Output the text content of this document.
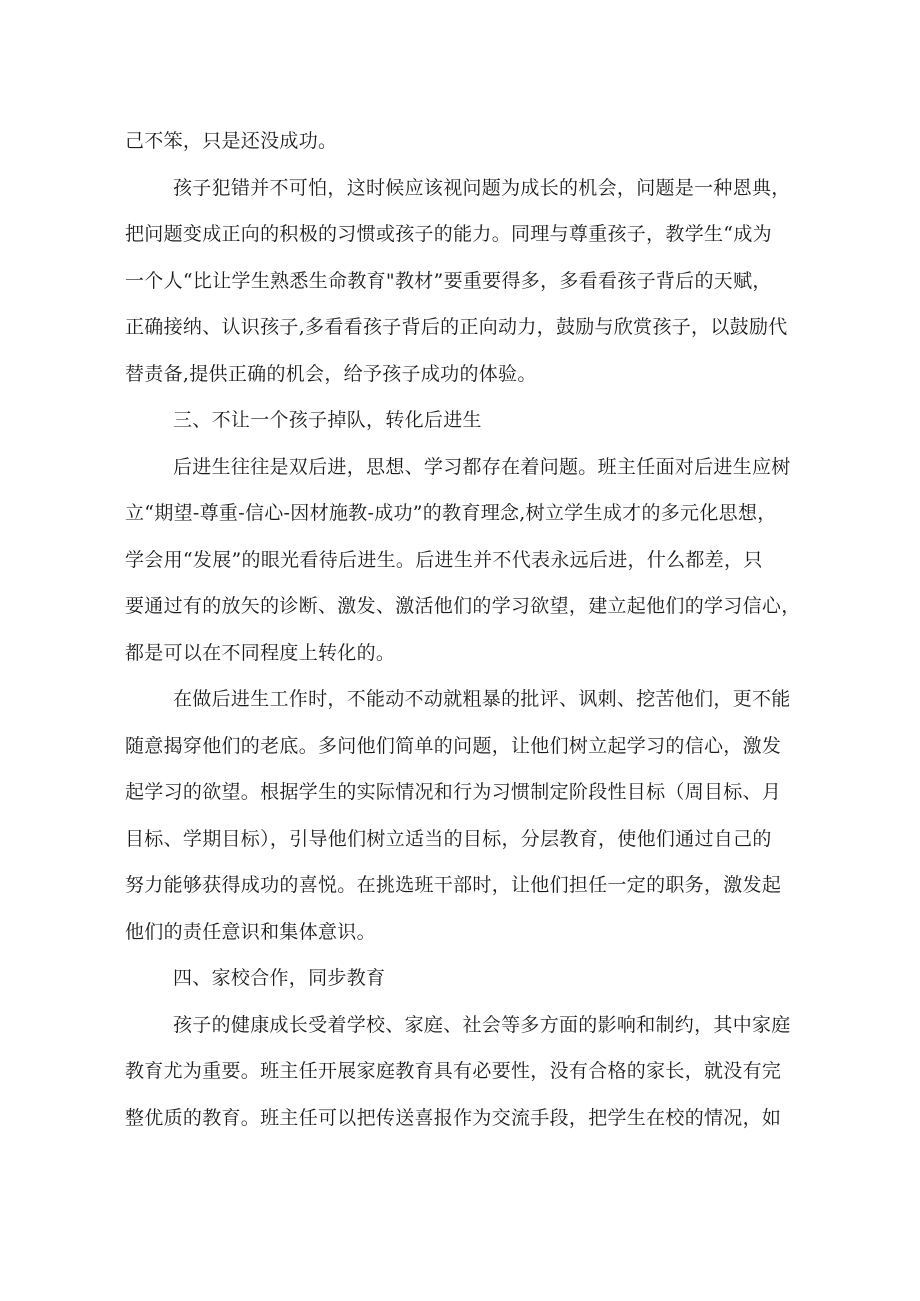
己不笨，只是还没成功。
孩子犯错并不可怕，这时候应该视问题为成长的机会，问题是一种恩典，
把问题变成正向的积极的习惯或孩子的能力。同理与尊重孩子，教学生“成为
一个人“比让学生熟悉生命教育"教材”要重要得多，多看看孩子背后的天赋，
正确接纳、认识孩子,多看看孩子背后的正向动力，鼓励与欣赏孩子，以鼓励代
替责备,提供正确的机会，给予孩子成功的体验。
三、不让一个孩子掉队，转化后进生
后进生往往是双后进，思想、学习都存在着问题。班主任面对后进生应树
立“期望-尊重-信心-因材施教-成功”的教育理念,树立学生成才的多元化思想，
学会用“发展”的眼光看待后进生。后进生并不代表永远后进，什么都差，只
要通过有的放矢的诊断、激发、激活他们的学习欲望，建立起他们的学习信心，
都是可以在不同程度上转化的。
在做后进生工作时，不能动不动就粗暴的批评、讽刺、挖苦他们，更不能
随意揭穿他们的老底。多问他们简单的问题，让他们树立起学习的信心，激发
起学习的欲望。根据学生的实际情况和行为习惯制定阶段性目标（周目标、月
目标、学期目标），引导他们树立适当的目标，分层教育，使他们通过自己的
努力能够获得成功的喜悦。在挑选班干部时，让他们担任一定的职务，激发起
他们的责任意识和集体意识。
四、家校合作，同步教育
孩子的健康成长受着学校、家庭、社会等多方面的影响和制约，其中家庭
教育尤为重要。班主任开展家庭教育具有必要性，没有合格的家长，就没有完
整优质的教育。班主任可以把传送喜报作为交流手段，把学生在校的情况，如
